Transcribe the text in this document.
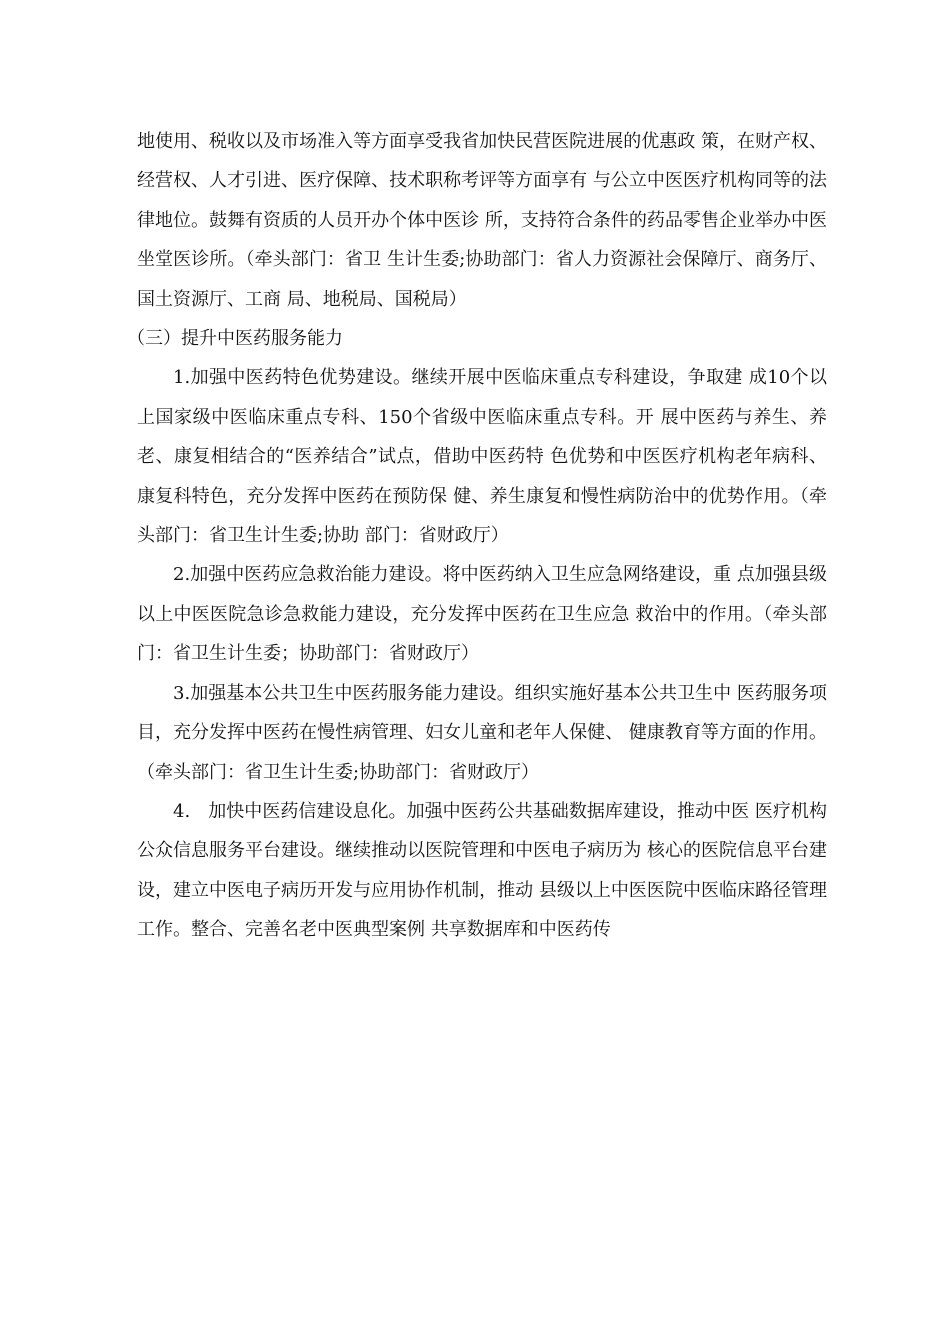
地使用、税收以及市场准入等方面享受我省加快民营医院进展的优惠政 策，在财产权、经营权、人才引进、医疗保障、技术职称考评等方面享有 与公立中医医疗机构同等的法律地位。鼓舞有资质的人员开办个体中医诊 所，支持符合条件的药品零售企业举办中医坐堂医诊所。（牵头部门：省卫 生计生委;协助部门：省人力资源社会保障厅、商务厅、国土资源厅、工商 局、地税局、国税局）

（三）提升中医药服务能力

1.加强中医药特色优势建设。继续开展中医临床重点专科建设，争取建 成10个以上国家级中医临床重点专科、150个省级中医临床重点专科。开 展中医药与养生、养老、康复相结合的“医养结合”试点，借助中医药特 色优势和中医医疗机构老年病科、康复科特色，充分发挥中医药在预防保 健、养生康复和慢性病防治中的优势作用。（牵头部门：省卫生计生委;协助 部门：省财政厅）

2.加强中医药应急救治能力建设。将中医药纳入卫生应急网络建设，重 点加强县级以上中医医院急诊急救能力建设，充分发挥中医药在卫生应急 救治中的作用。（牵头部门：省卫生计生委；协助部门：省财政厅）

3.加强基本公共卫生中医药服务能力建设。组织实施好基本公共卫生中 医药服务项目，充分发挥中医药在慢性病管理、妇女儿童和老年人保健、 健康教育等方面的作用。（牵头部门：省卫生计生委;协助部门：省财政厅）

4.　加快中医药信建设息化。加强中医药公共基础数据库建设，推动中医 医疗机构公众信息服务平台建设。继续推动以医院管理和中医电子病历为 核心的医院信息平台建设，建立中医电子病历开发与应用协作机制，推动 县级以上中医医院中医临床路径管理工作。整合、完善名老中医典型案例 共享数据库和中医药传
